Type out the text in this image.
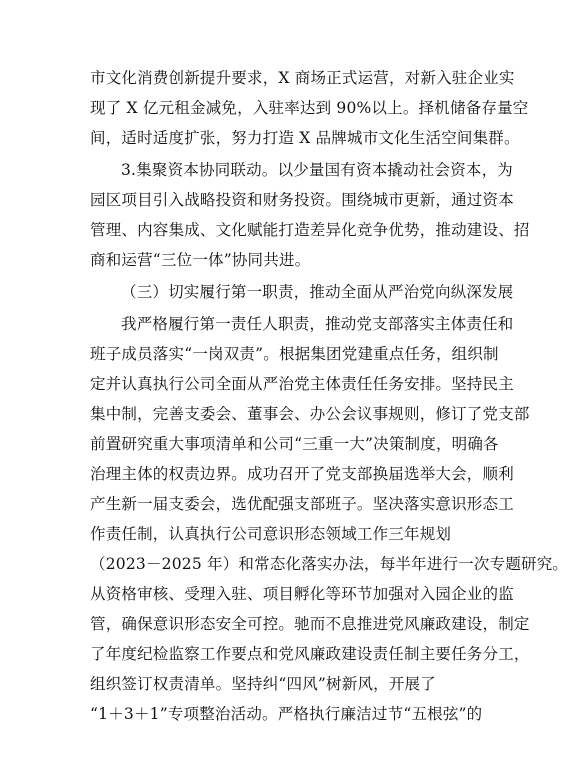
市文化消费创新提升要求，X 商场正式运营，对新入驻企业实
现了 X 亿元租金减免，入驻率达到 90%以上。择机储备存量空
间，适时适度扩张，努力打造 X 品牌城市文化生活空间集群。
3.集聚资本协同联动。以少量国有资本撬动社会资本，为
园区项目引入战略投资和财务投资。围绕城市更新，通过资本
管理、内容集成、文化赋能打造差异化竞争优势，推动建设、招
商和运营“三位一体”协同共进。
（三）切实履行第一职责，推动全面从严治党向纵深发展
我严格履行第一责任人职责，推动党支部落实主体责任和
班子成员落实“一岗双责”。根据集团党建重点任务，组织制
定并认真执行公司全面从严治党主体责任任务安排。坚持民主
集中制，完善支委会、董事会、办公会议事规则，修订了党支部
前置研究重大事项清单和公司“三重一大”决策制度，明确各
治理主体的权责边界。成功召开了党支部换届选举大会，顺利
产生新一届支委会，选优配强支部班子。坚决落实意识形态工
作责任制，认真执行公司意识形态领域工作三年规划
（2023－2025 年）和常态化落实办法，每半年进行一次专题研究。
从资格审核、受理入驻、项目孵化等环节加强对入园企业的监
管，确保意识形态安全可控。驰而不息推进党风廉政建设，制定
了年度纪检监察工作要点和党风廉政建设责任制主要任务分工，
组织签订权责清单。坚持纠“四风”树新风，开展了
“1＋3＋1”专项整治活动。严格执行廉洁过节“五根弦”的
